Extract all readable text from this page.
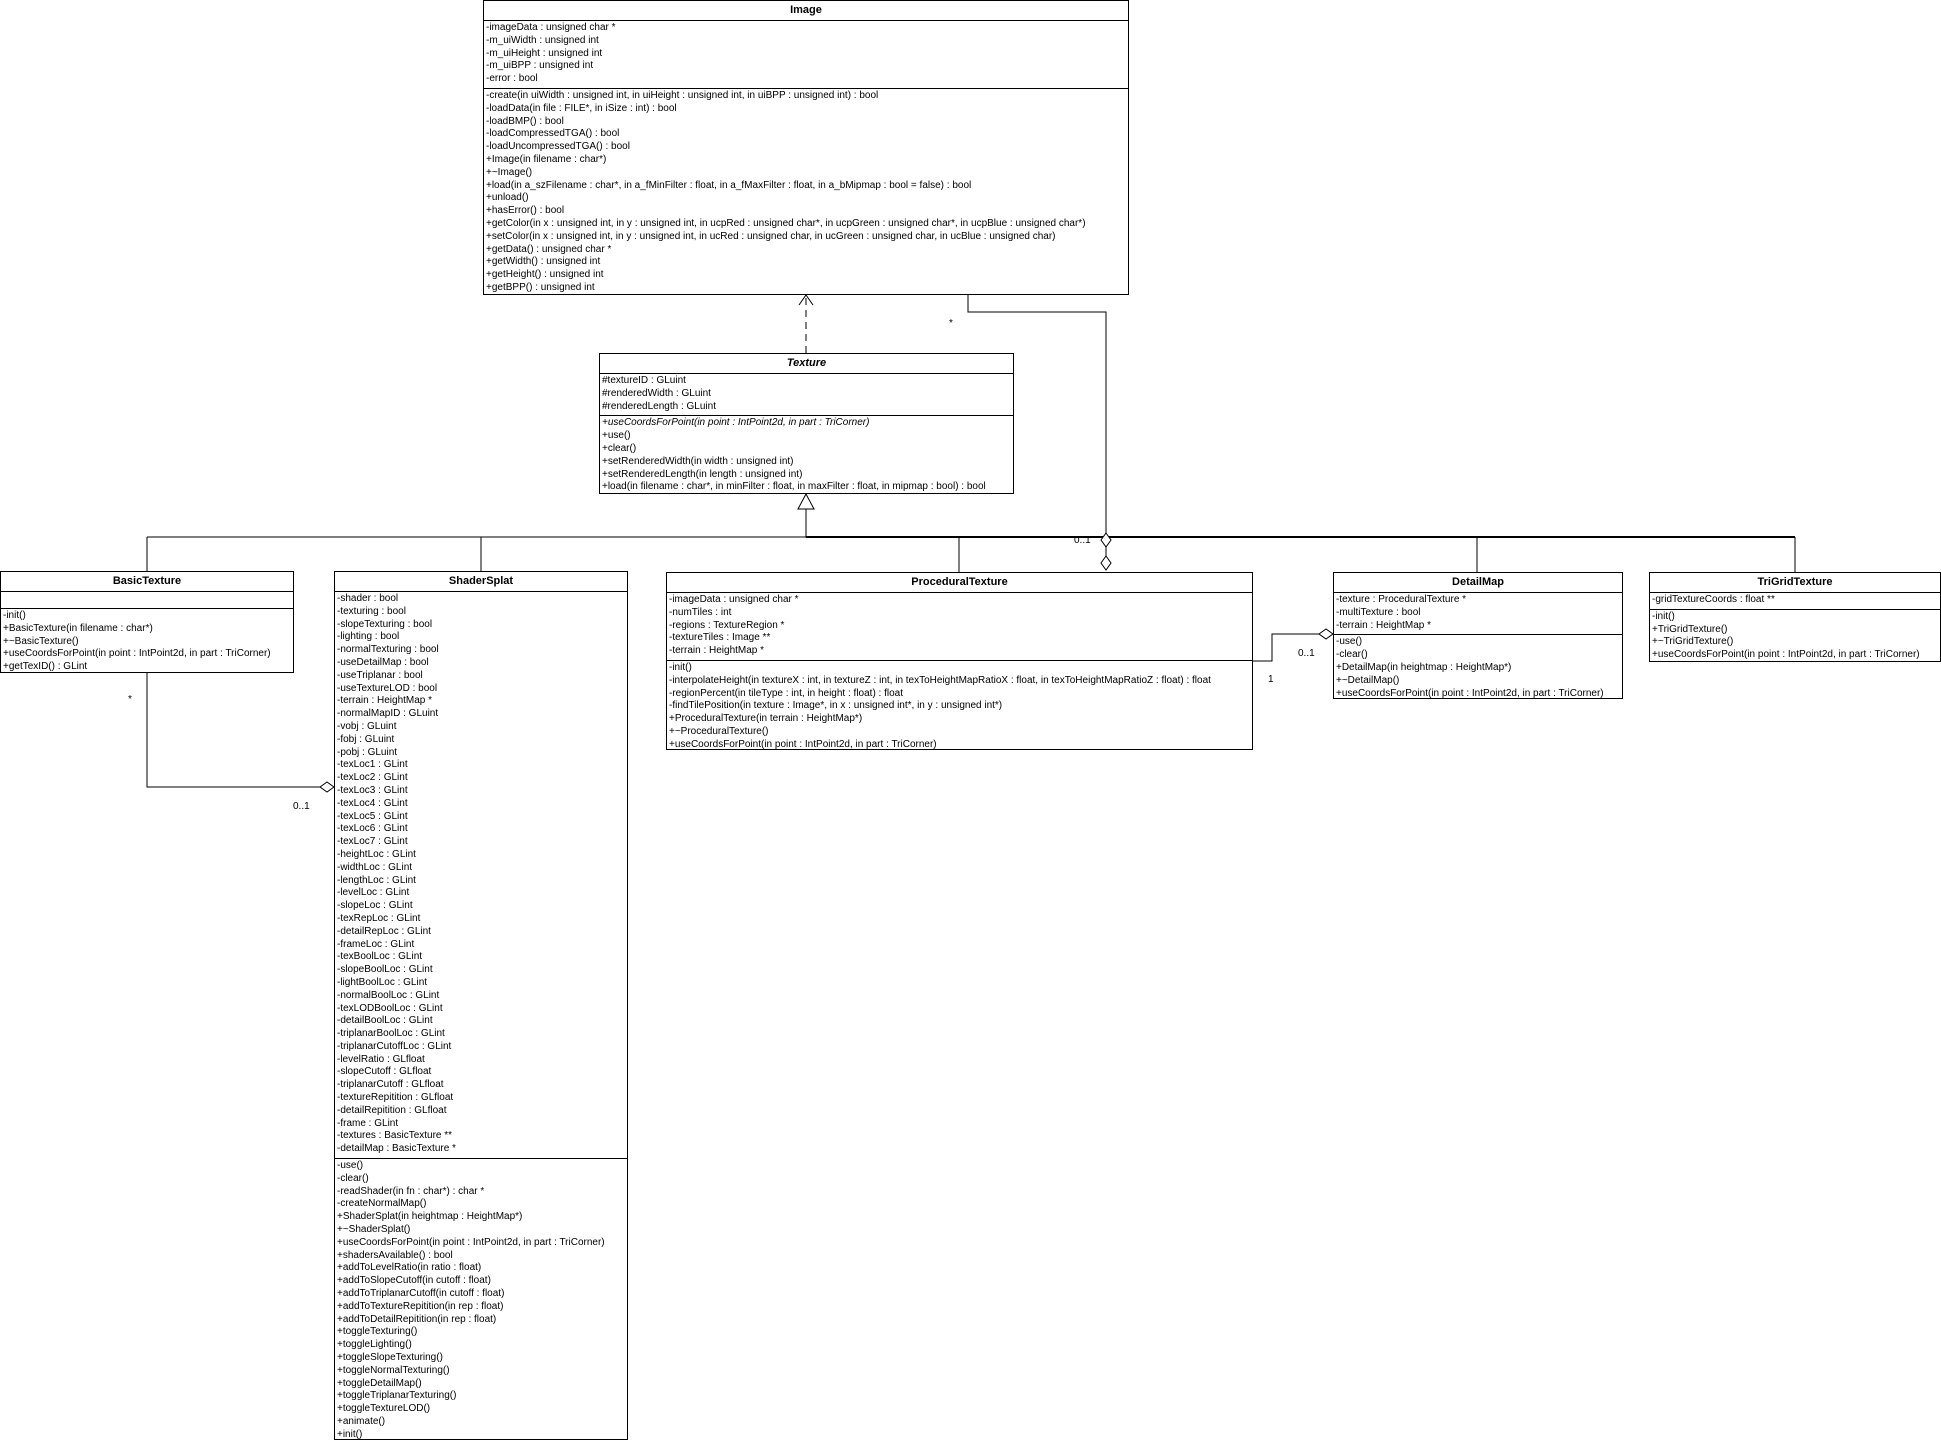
Image
-imageData : unsigned char *
-m_uiWidth : unsigned int
-m_uiHeight : unsigned int
-m_uiBPP : unsigned int
-error : bool
-create(in uiWidth : unsigned int, in uiHeight : unsigned int, in uiBPP : unsigned int) : bool
-loadData(in file : FILE*, in iSize : int) : bool
-loadBMP() : bool
-loadCompressedTGA() : bool
-loadUncompressedTGA() : bool
+Image(in filename : char*)
+~Image()
+load(in a_szFilename : char*, in a_fMinFilter : float, in a_fMaxFilter : float, in a_bMipmap : bool = false) : bool
+unload()
+hasError() : bool
+getColor(in x : unsigned int, in y : unsigned int, in ucpRed : unsigned char*, in ucpGreen : unsigned char*, in ucpBlue : unsigned char*)
+setColor(in x : unsigned int, in y : unsigned int, in ucRed : unsigned char, in ucGreen : unsigned char, in ucBlue : unsigned char)
+getData() : unsigned char *
+getWidth() : unsigned int
+getHeight() : unsigned int
+getBPP() : unsigned int
Texture
#textureID : GLuint
#renderedWidth : GLuint
#renderedLength : GLuint
+useCoordsForPoint(in point : IntPoint2d, in part : TriCorner)
+use()
+clear()
+setRenderedWidth(in width : unsigned int)
+setRenderedLength(in length : unsigned int)
+load(in filename : char*, in minFilter : float, in maxFilter : float, in mipmap : bool) : bool
BasicTexture
-init()
+BasicTexture(in filename : char*)
+~BasicTexture()
+useCoordsForPoint(in point : IntPoint2d, in part : TriCorner)
+getTexID() : GLint
ShaderSplat
-shader : bool
-texturing : bool
-slopeTexturing : bool
-lighting : bool
-normalTexturing : bool
-useDetailMap : bool
-useTriplanar : bool
-useTextureLOD : bool
-terrain : HeightMap *
-normalMapID : GLuint
-vobj : GLuint
-fobj : GLuint
-pobj : GLuint
-texLoc1 : GLint
-texLoc2 : GLint
-texLoc3 : GLint
-texLoc4 : GLint
-texLoc5 : GLint
-texLoc6 : GLint
-texLoc7 : GLint
-heightLoc : GLint
-widthLoc : GLint
-lengthLoc : GLint
-levelLoc : GLint
-slopeLoc : GLint
-texRepLoc : GLint
-detailRepLoc : GLint
-frameLoc : GLint
-texBoolLoc : GLint
-slopeBoolLoc : GLint
-lightBoolLoc : GLint
-normalBoolLoc : GLint
-texLODBoolLoc : GLint
-detailBoolLoc : GLint
-triplanarBoolLoc : GLint
-triplanarCutoffLoc : GLint
-levelRatio : GLfloat
-slopeCutoff : GLfloat
-triplanarCutoff : GLfloat
-textureRepitition : GLfloat
-detailRepitition : GLfloat
-frame : GLint
-textures : BasicTexture **
-detailMap : BasicTexture *
-use()
-clear()
-readShader(in fn : char*) : char *
-createNormalMap()
+ShaderSplat(in heightmap : HeightMap*)
+~ShaderSplat()
+useCoordsForPoint(in point : IntPoint2d, in part : TriCorner)
+shadersAvailable() : bool
+addToLevelRatio(in ratio : float)
+addToSlopeCutoff(in cutoff : float)
+addToTriplanarCutoff(in cutoff : float)
+addToTextureRepitition(in rep : float)
+addToDetailRepitition(in rep : float)
+toggleTexturing()
+toggleLighting()
+toggleSlopeTexturing()
+toggleNormalTexturing()
+toggleDetailMap()
+toggleTriplanarTexturing()
+toggleTextureLOD()
+animate()
+init()
ProceduralTexture
-imageData : unsigned char *
-numTiles : int
-regions : TextureRegion *
-textureTiles : Image **
-terrain : HeightMap *
-init()
-interpolateHeight(in textureX : int, in textureZ : int, in texToHeightMapRatioX : float, in texToHeightMapRatioZ : float) : float
-regionPercent(in tileType : int, in height : float) : float
-findTilePosition(in texture : Image*, in x : unsigned int*, in y : unsigned int*)
+ProceduralTexture(in terrain : HeightMap*)
+~ProceduralTexture()
+useCoordsForPoint(in point : IntPoint2d, in part : TriCorner)
DetailMap
-texture : ProceduralTexture *
-multiTexture : bool
-terrain : HeightMap *
-use()
-clear()
+DetailMap(in heightmap : HeightMap*)
+~DetailMap()
+useCoordsForPoint(in point : IntPoint2d, in part : TriCorner)
TriGridTexture
-gridTextureCoords : float **
-init()
+TriGridTexture()
+~TriGridTexture()
+useCoordsForPoint(in point : IntPoint2d, in part : TriCorner)
*
0..1
*
0..1
0..1
1
